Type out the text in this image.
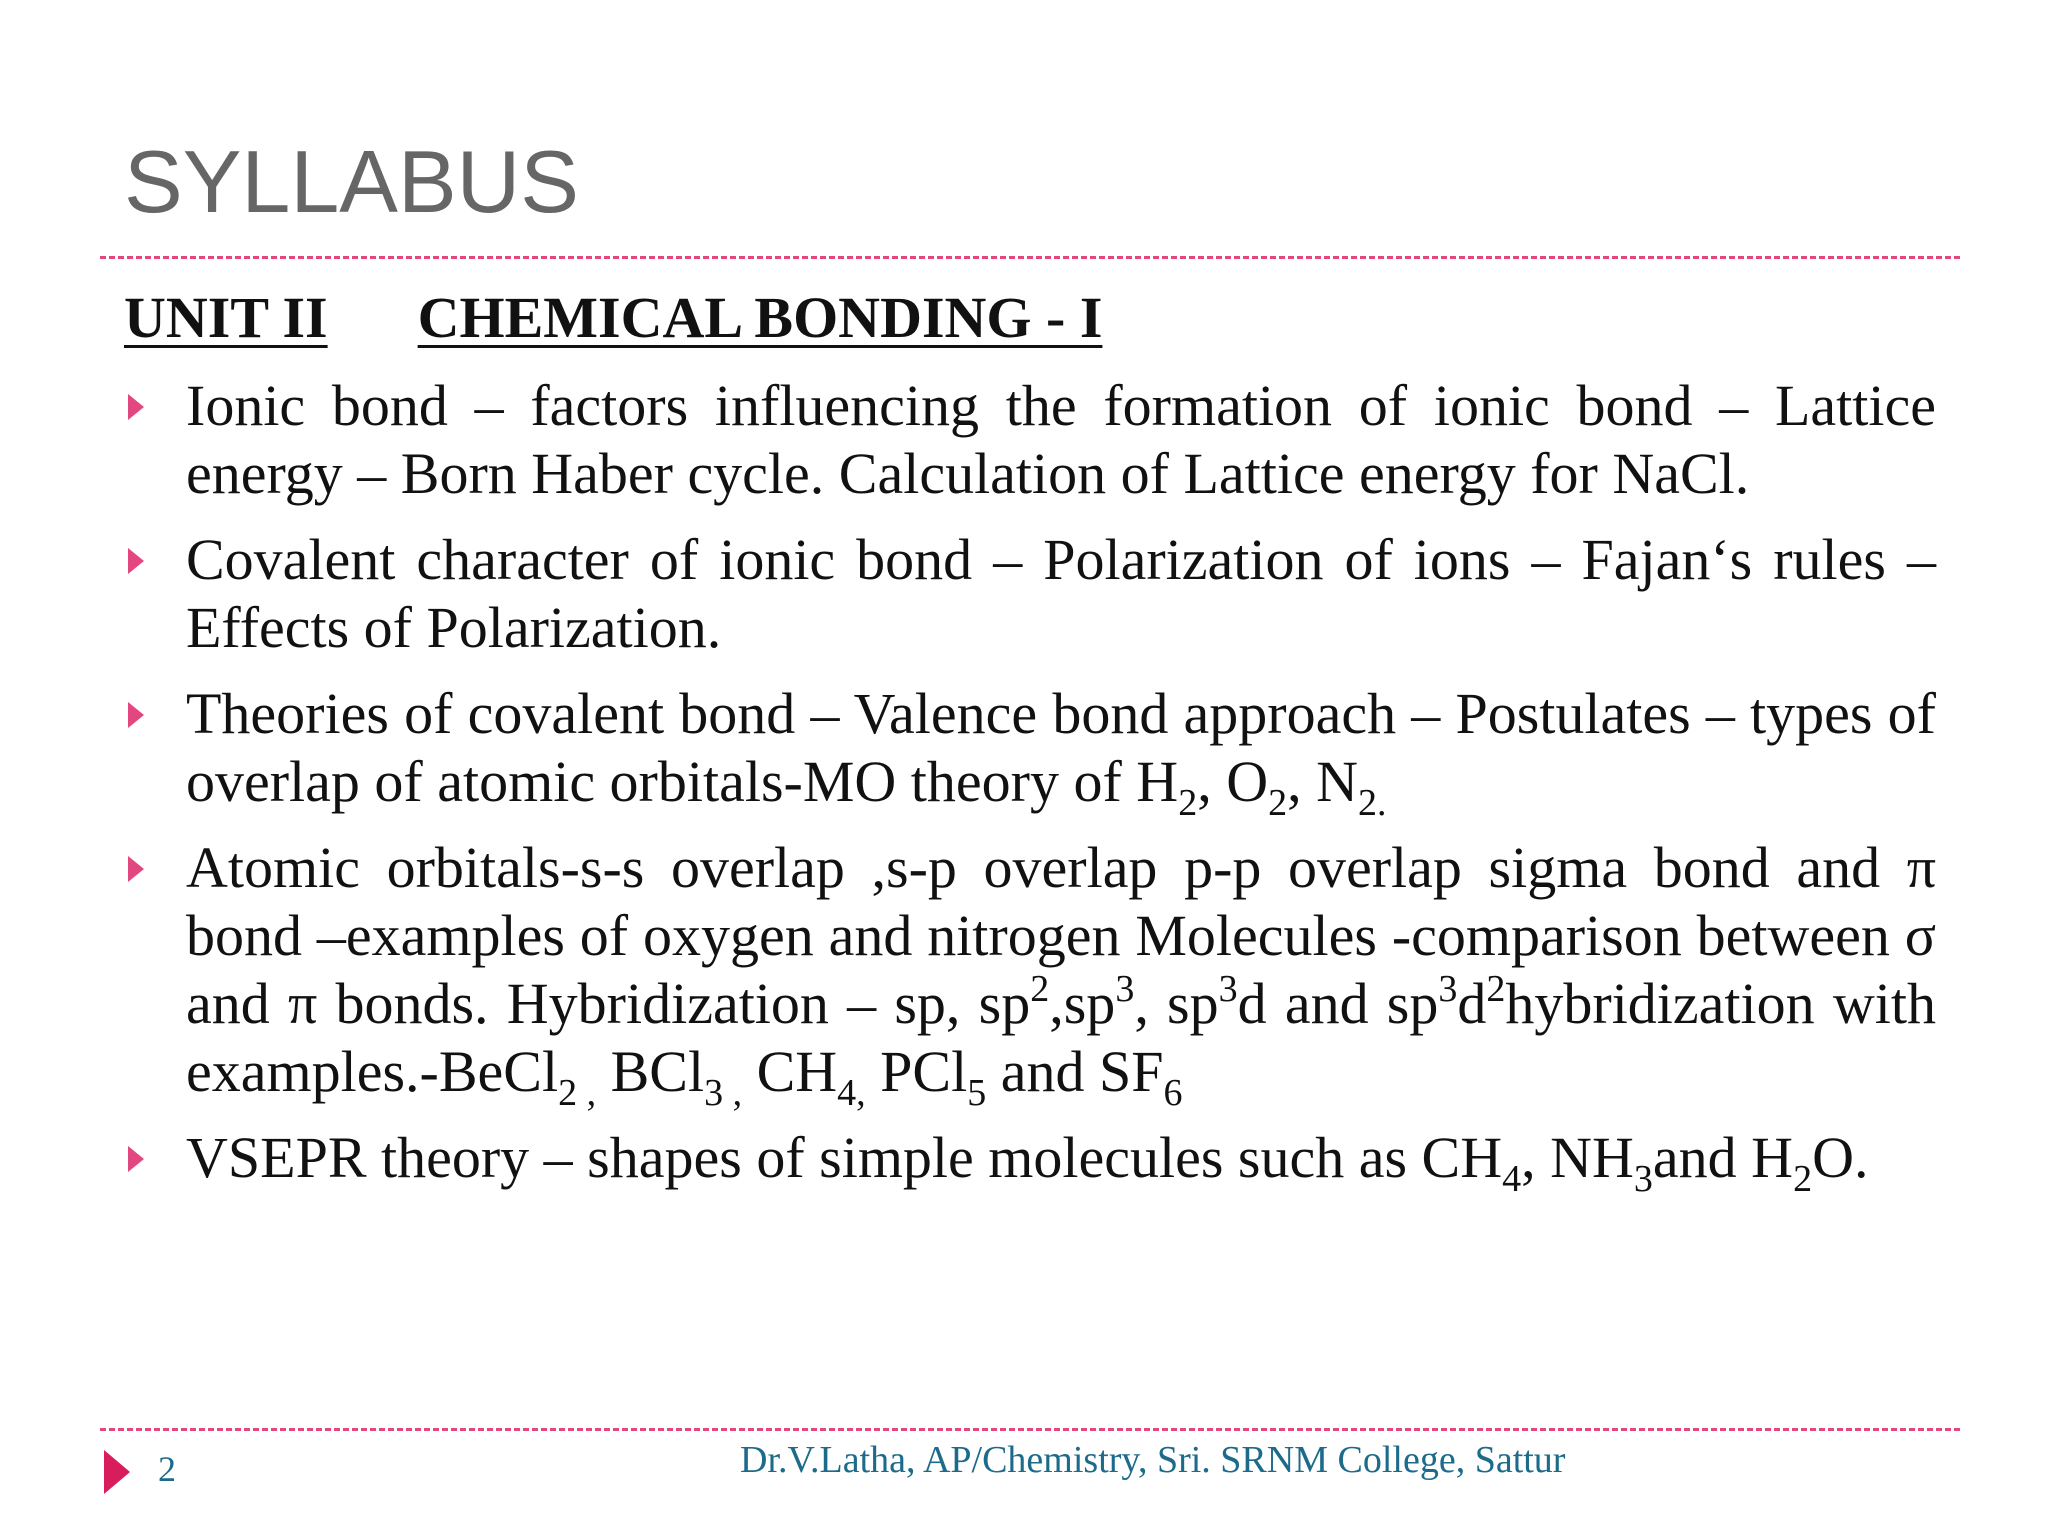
SYLLABUS
UNIT II CHEMICAL BONDING - I
Ionic bond – factors influencing the formation of ionic bond – Lattice energy – Born Haber cycle. Calculation of Lattice energy for NaCl.
Covalent character of ionic bond – Polarization of ions – Fajan‘s rules – Effects of Polarization.
Theories of covalent bond – Valence bond approach – Postulates – types of overlap of atomic orbitals-MO theory of $H_2$, $O_2$, $N_{2.}$
Atomic orbitals-s-s overlap ,s-p overlap p-p overlap sigma bond and π bond –examples of oxygen and nitrogen Molecules -comparison between σ and π bonds. Hybridization – sp, $sp^2,sp^3$, $sp^3d$ and $sp^3d^2hybridization$ with examples.-BeCl$_{2 ,}$ BCl$_{3 ,}$ $CH_{4,}$ PCl$_5$ and $SF_6$
VSEPR theory – shapes of simple molecules such as $CH_4$, $NH_3and$ $H_2O$.
2	Dr.V.Latha, AP/Chemistry, Sri. SRNM College, Sattur
